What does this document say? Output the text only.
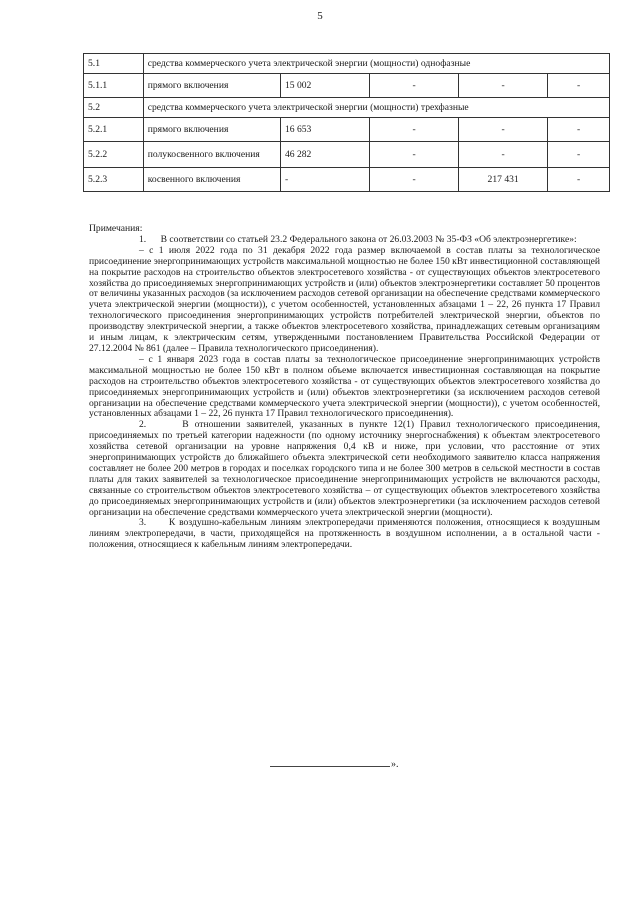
5
5.1	средства коммерческого учета электрической энергии (мощности) однофазные				
5.1.1	прямого включения	15 002	-	-	-
5.2	средства коммерческого учета электрической энергии (мощности) трехфазные				
5.2.1	прямого включения	16 653	-	-	-
5.2.2	полукосвенного включения	46 282	-	-	-
5.2.3	косвенного включения	-	-	217 431	-

Примечания:

1.      В соответствии со статьей 23.2 Федерального закона от 26.03.2003 № 35-ФЗ «Об электроэнергетике»:

– с 1 июля 2022 года по 31 декабря 2022 года размер включаемой в состав платы за технологическое присоединение энергопринимающих устройств максимальной мощностью не более 150 кВт инвестиционной составляющей на покрытие расходов на строительство объектов электросетевого хозяйства - от существующих объектов электросетевого хозяйства до присоединяемых энергопринимающих устройств и (или) объектов электроэнергетики составляет 50 процентов от величины указанных расходов (за исключением расходов сетевой организации на обеспечение средствами коммерческого учета электрической энергии (мощности)), с учетом особенностей, установленных абзацами 1 – 22, 26 пункта 17 Правил технологического присоединения энергопринимающих устройств потребителей электрической энергии, объектов по производству электрической энергии, а также объектов электросетевого хозяйства, принадлежащих сетевым организациям и иным лицам, к электрическим сетям, утвержденными постановлением Правительства Российской Федерации от 27.12.2004 № 861 (далее – Правила технологического присоединения).

– с 1 января 2023 года в состав платы за технологическое присоединение энергопринимающих устройств максимальной мощностью не более 150 кВт в полном объеме включается инвестиционная составляющая на покрытие расходов на строительство объектов электросетевого хозяйства - от существующих объектов электросетевого хозяйства до присоединяемых энергопринимающих устройств и (или) объектов электроэнергетики (за исключением расходов сетевой организации на обеспечение средствами коммерческого учета электрической энергии (мощности)), с учетом особенностей, установленных абзацами 1 – 22, 26 пункта 17 Правил технологического присоединения).

2.      В отношении заявителей, указанных в пункте 12(1) Правил технологического присоединения, присоединяемых по третьей категории надежности (по одному источнику энергоснабжения) к объектам электросетевого хозяйства сетевой организации на уровне напряжения 0,4 кВ и ниже, при условии, что расстояние от этих энергопринимающих устройств до ближайшего объекта электрической сети необходимого заявителю класса напряжения составляет не более 200 метров в городах и поселках городского типа и не более 300 метров в сельской местности в состав платы для таких заявителей за технологическое присоединение энергопринимающих устройств не включаются расходы, связанные со строительством объектов электросетевого хозяйства – от существующих объектов электросетевого хозяйства до присоединяемых энергопринимающих устройств и (или) объектов электроэнергетики (за исключением расходов сетевой организации на обеспечение средствами коммерческого учета электрической энергии (мощности).

3.      К воздушно-кабельным линиям электропередачи применяются положения, относящиеся к воздушным линиям электропередачи, в части, приходящейся на протяженность в воздушном исполнении, а в остальной части - положения, относящиеся к кабельным линиям электропередачи.

».
